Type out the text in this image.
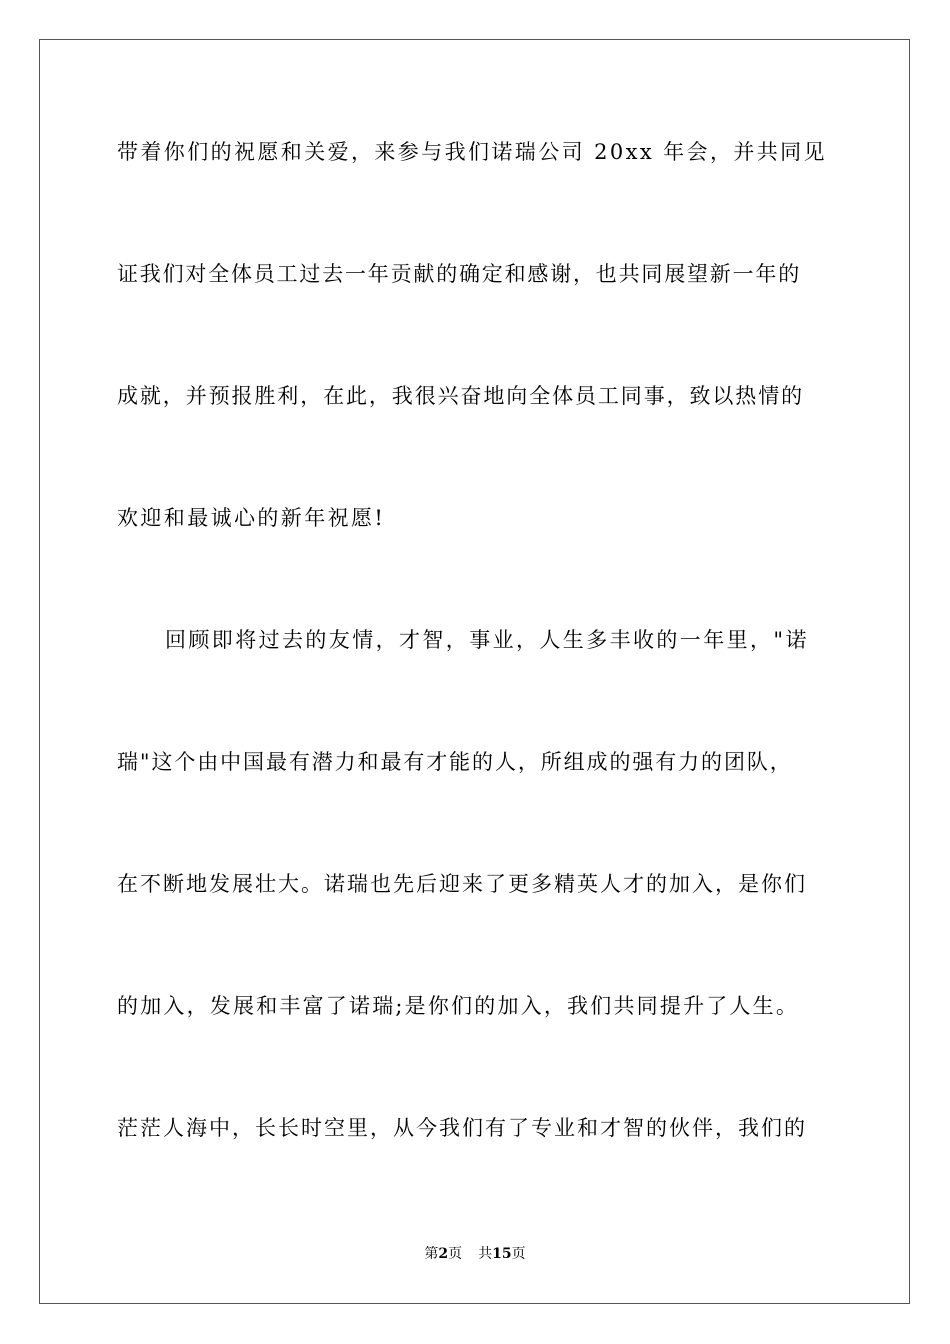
带着你们的祝愿和关爱，来参与我们诺瑞公司 20xx 年会，并共同见
证我们对全体员工过去一年贡献的确定和感谢，也共同展望新一年的
成就，并预报胜利，在此，我很兴奋地向全体员工同事，致以热情的
欢迎和最诚心的新年祝愿!
回顾即将过去的友情，才智，事业，人生多丰收的一年里，"诺
瑞"这个由中国最有潜力和最有才能的人，所组成的强有力的团队，
在不断地发展壮大。诺瑞也先后迎来了更多精英人才的加入，是你们
的加入，发展和丰富了诺瑞;是你们的加入，我们共同提升了人生。
茫茫人海中，长长时空里，从今我们有了专业和才智的伙伴，我们的
第2页 共15页
